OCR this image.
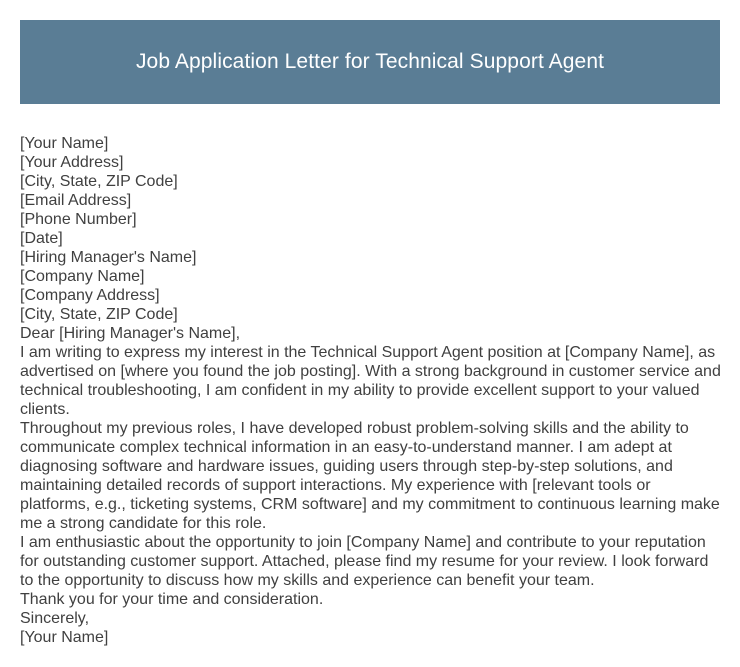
Job Application Letter for Technical Support Agent
[Your Name]
[Your Address]
[City, State, ZIP Code]
[Email Address]
[Phone Number]
[Date]
[Hiring Manager's Name]
[Company Name]
[Company Address]
[City, State, ZIP Code]
Dear [Hiring Manager's Name],
I am writing to express my interest in the Technical Support Agent position at [Company Name], as advertised on [where you found the job posting]. With a strong background in customer service and technical troubleshooting, I am confident in my ability to provide excellent support to your valued clients.
Throughout my previous roles, I have developed robust problem-solving skills and the ability to communicate complex technical information in an easy-to-understand manner. I am adept at diagnosing software and hardware issues, guiding users through step-by-step solutions, and maintaining detailed records of support interactions. My experience with [relevant tools or platforms, e.g., ticketing systems, CRM software] and my commitment to continuous learning make me a strong candidate for this role.
I am enthusiastic about the opportunity to join [Company Name] and contribute to your reputation for outstanding customer support. Attached, please find my resume for your review. I look forward to the opportunity to discuss how my skills and experience can benefit your team.
Thank you for your time and consideration.
Sincerely,
[Your Name]
